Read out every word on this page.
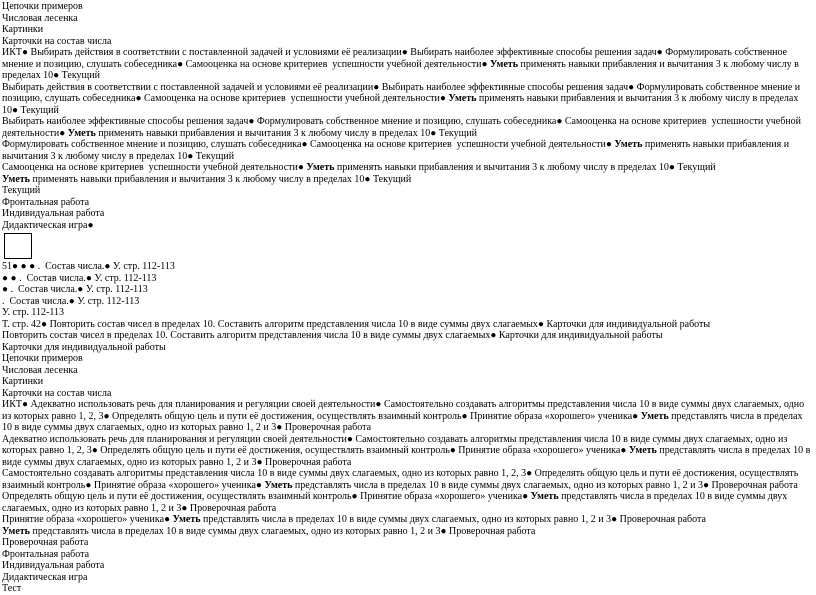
Цепочки примеров
Числовая лесенка
Картинки
Карточки на состав числа
ИКТ● Выбирать действия в соответствии с поставленной задачей и условиями её реализации● Выбирать наиболее эффективные способы решения задач● Формулировать собственное мнение и позицию, слушать собеседника● Самооценка на основе критериев  успешности учебной деятельности● Уметь применять навыки прибавления и вычитания 3 к любому числу в пределах 10● Текущий
Выбирать действия в соответствии с поставленной задачей и условиями её реализации● Выбирать наиболее эффективные способы решения задач● Формулировать собственное мнение и позицию, слушать собеседника● Самооценка на основе критериев  успешности учебной деятельности● Уметь применять навыки прибавления и вычитания 3 к любому числу в пределах 10● Текущий
Выбирать наиболее эффективные способы решения задач● Формулировать собственное мнение и позицию, слушать собеседника● Самооценка на основе критериев  успешности учебной деятельности● Уметь применять навыки прибавления и вычитания 3 к любому числу в пределах 10● Текущий
Формулировать собственное мнение и позицию, слушать собеседника● Самооценка на основе критериев  успешности учебной деятельности● Уметь применять навыки прибавления и вычитания 3 к любому числу в пределах 10● Текущий
Самооценка на основе критериев  успешности учебной деятельности● Уметь применять навыки прибавления и вычитания 3 к любому числу в пределах 10● Текущий
Уметь применять навыки прибавления и вычитания 3 к любому числу в пределах 10● Текущий
Текущий
Фронтальная работа
Индивидуальная работа
Дидактическая игра●
51● ● ● .  Состав числа.● У. стр. 112-113
● ● .  Состав числа.● У. стр. 112-113
● .  Состав числа.● У. стр. 112-113
.  Состав числа.● У. стр. 112-113
У. стр. 112-113
Т. стр. 42● Повторить состав чисел в пределах 10. Составить алгоритм представления числа 10 в виде суммы двух слагаемых● Карточки для индивидуальной работы
Повторить состав чисел в пределах 10. Составить алгоритм представления числа 10 в виде суммы двух слагаемых● Карточки для индивидуальной работы
Карточки для индивидуальной работы
Цепочки примеров
Числовая лесенка
Картинки
Карточки на состав числа
ИКТ● Адекватно использовать речь для планирования и регуляции своей деятельности● Самостоятельно создавать алгоритмы представления числа 10 в виде суммы двух слагаемых, одно из которых равно 1, 2, 3● Определять общую цель и пути её достижения, осуществлять взаимный контроль● Принятие образа «хорошего» ученика● Уметь представлять числа в пределах 10 в виде суммы двух слагаемых, одно из которых равно 1, 2 и 3● Проверочная работа
Адекватно использовать речь для планирования и регуляции своей деятельности● Самостоятельно создавать алгоритмы представления числа 10 в виде суммы двух слагаемых, одно из которых равно 1, 2, 3● Определять общую цель и пути её достижения, осуществлять взаимный контроль● Принятие образа «хорошего» ученика● Уметь представлять числа в пределах 10 в виде суммы двух слагаемых, одно из которых равно 1, 2 и 3● Проверочная работа
Самостоятельно создавать алгоритмы представления числа 10 в виде суммы двух слагаемых, одно из которых равно 1, 2, 3● Определять общую цель и пути её достижения, осуществлять взаимный контроль● Принятие образа «хорошего» ученика● Уметь представлять числа в пределах 10 в виде суммы двух слагаемых, одно из которых равно 1, 2 и 3● Проверочная работа
Определять общую цель и пути её достижения, осуществлять взаимный контроль● Принятие образа «хорошего» ученика● Уметь представлять числа в пределах 10 в виде суммы двух слагаемых, одно из которых равно 1, 2 и 3● Проверочная работа
Принятие образа «хорошего» ученика● Уметь представлять числа в пределах 10 в виде суммы двух слагаемых, одно из которых равно 1, 2 и 3● Проверочная работа
Уметь представлять числа в пределах 10 в виде суммы двух слагаемых, одно из которых равно 1, 2 и 3● Проверочная работа
Проверочная работа
Фронтальная работа
Индивидуальная работа
Дидактическая игра
Тест
